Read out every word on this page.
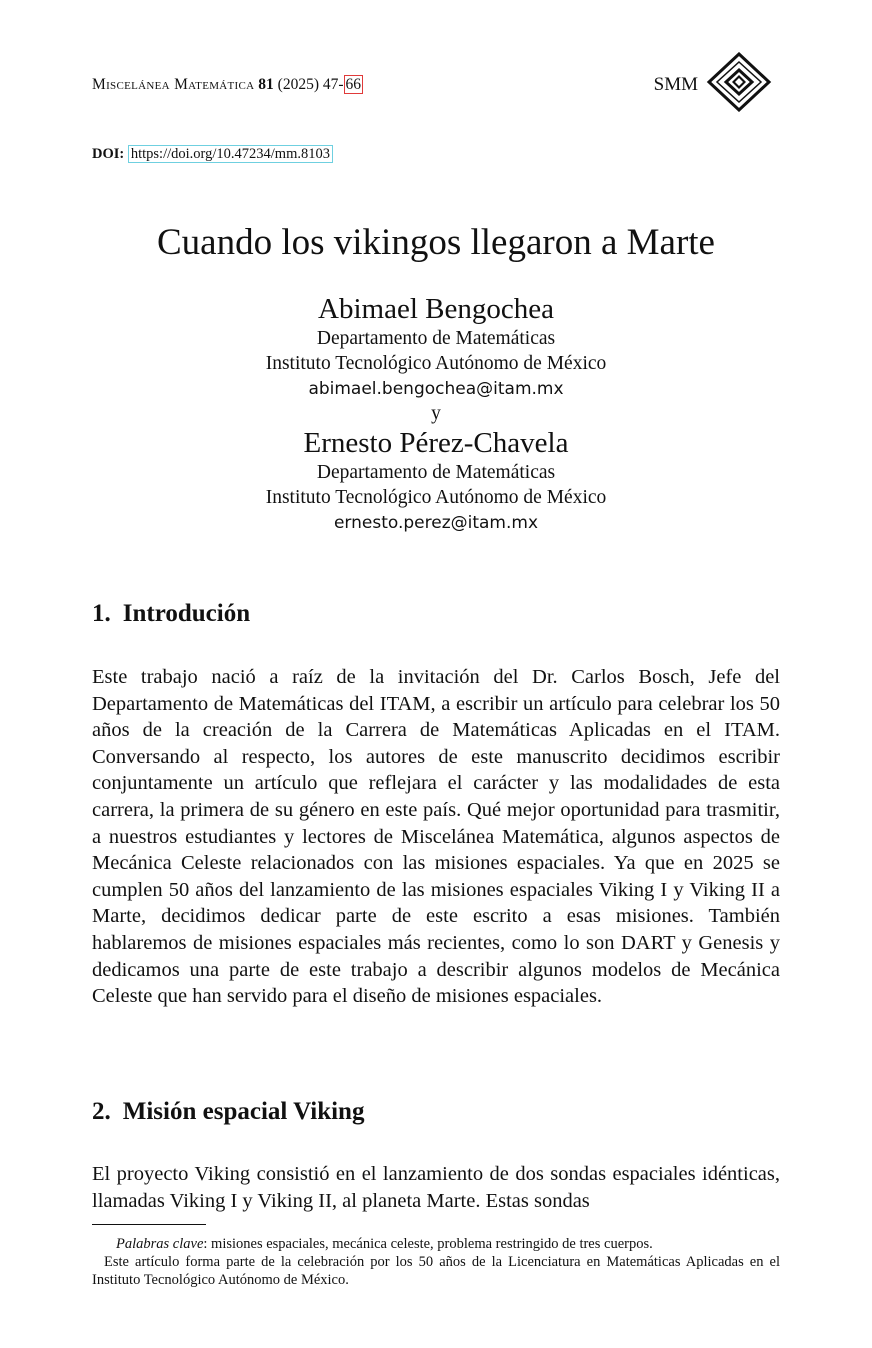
Miscelánea Matemática 81 (2025) 47- 66	SMM
DOI: https://doi.org/10.47234/mm.8103
Cuando los vikingos llegaron a Marte
Abimael Bengochea
Departamento de Matemáticas
Instituto Tecnológico Autónomo de México
abimael.bengochea@itam.mx
y
Ernesto Pérez-Chavela
Departamento de Matemáticas
Instituto Tecnológico Autónomo de México
ernesto.perez@itam.mx
1. Introdución

Este trabajo nació a raíz de la invitación del Dr. Carlos Bosch, Jefe del Departamento de Matemáticas del ITAM, a escribir un artículo para celebrar los 50 años de la creación de la Carrera de Matemáticas Aplicadas en el ITAM. Conversando al respecto, los autores de este manuscrito decidimos escribir conjuntamente un artículo que reflejara el carácter y las modalidades de esta carrera, la primera de su género en este país. Qué mejor oportunidad para trasmitir, a nuestros estudiantes y lectores de Miscelánea Matemática, algunos aspectos de Mecánica Celeste relacionados con las misiones espaciales. Ya que en 2025 se cumplen 50 años del lanzamiento de las misiones espaciales Viking I y Viking II a Marte, decidimos dedicar parte de este escrito a esas misiones. También hablaremos de misiones espaciales más recientes, como lo son DART y Genesis y dedicamos una parte de este trabajo a describir algunos modelos de Mecánica Celeste que han servido para el diseño de misiones espaciales.

2. Misión espacial Viking

El proyecto Viking consistió en el lanzamiento de dos sondas espaciales idénticas, llamadas Viking I y Viking II, al planeta Marte. Estas sondas

Palabras clave: misiones espaciales, mecánica celeste, problema restringido de tres cuerpos.
Este artículo forma parte de la celebración por los 50 años de la Licenciatura en Matemáticas Aplicadas en el Instituto Tecnológico Autónomo de México.
